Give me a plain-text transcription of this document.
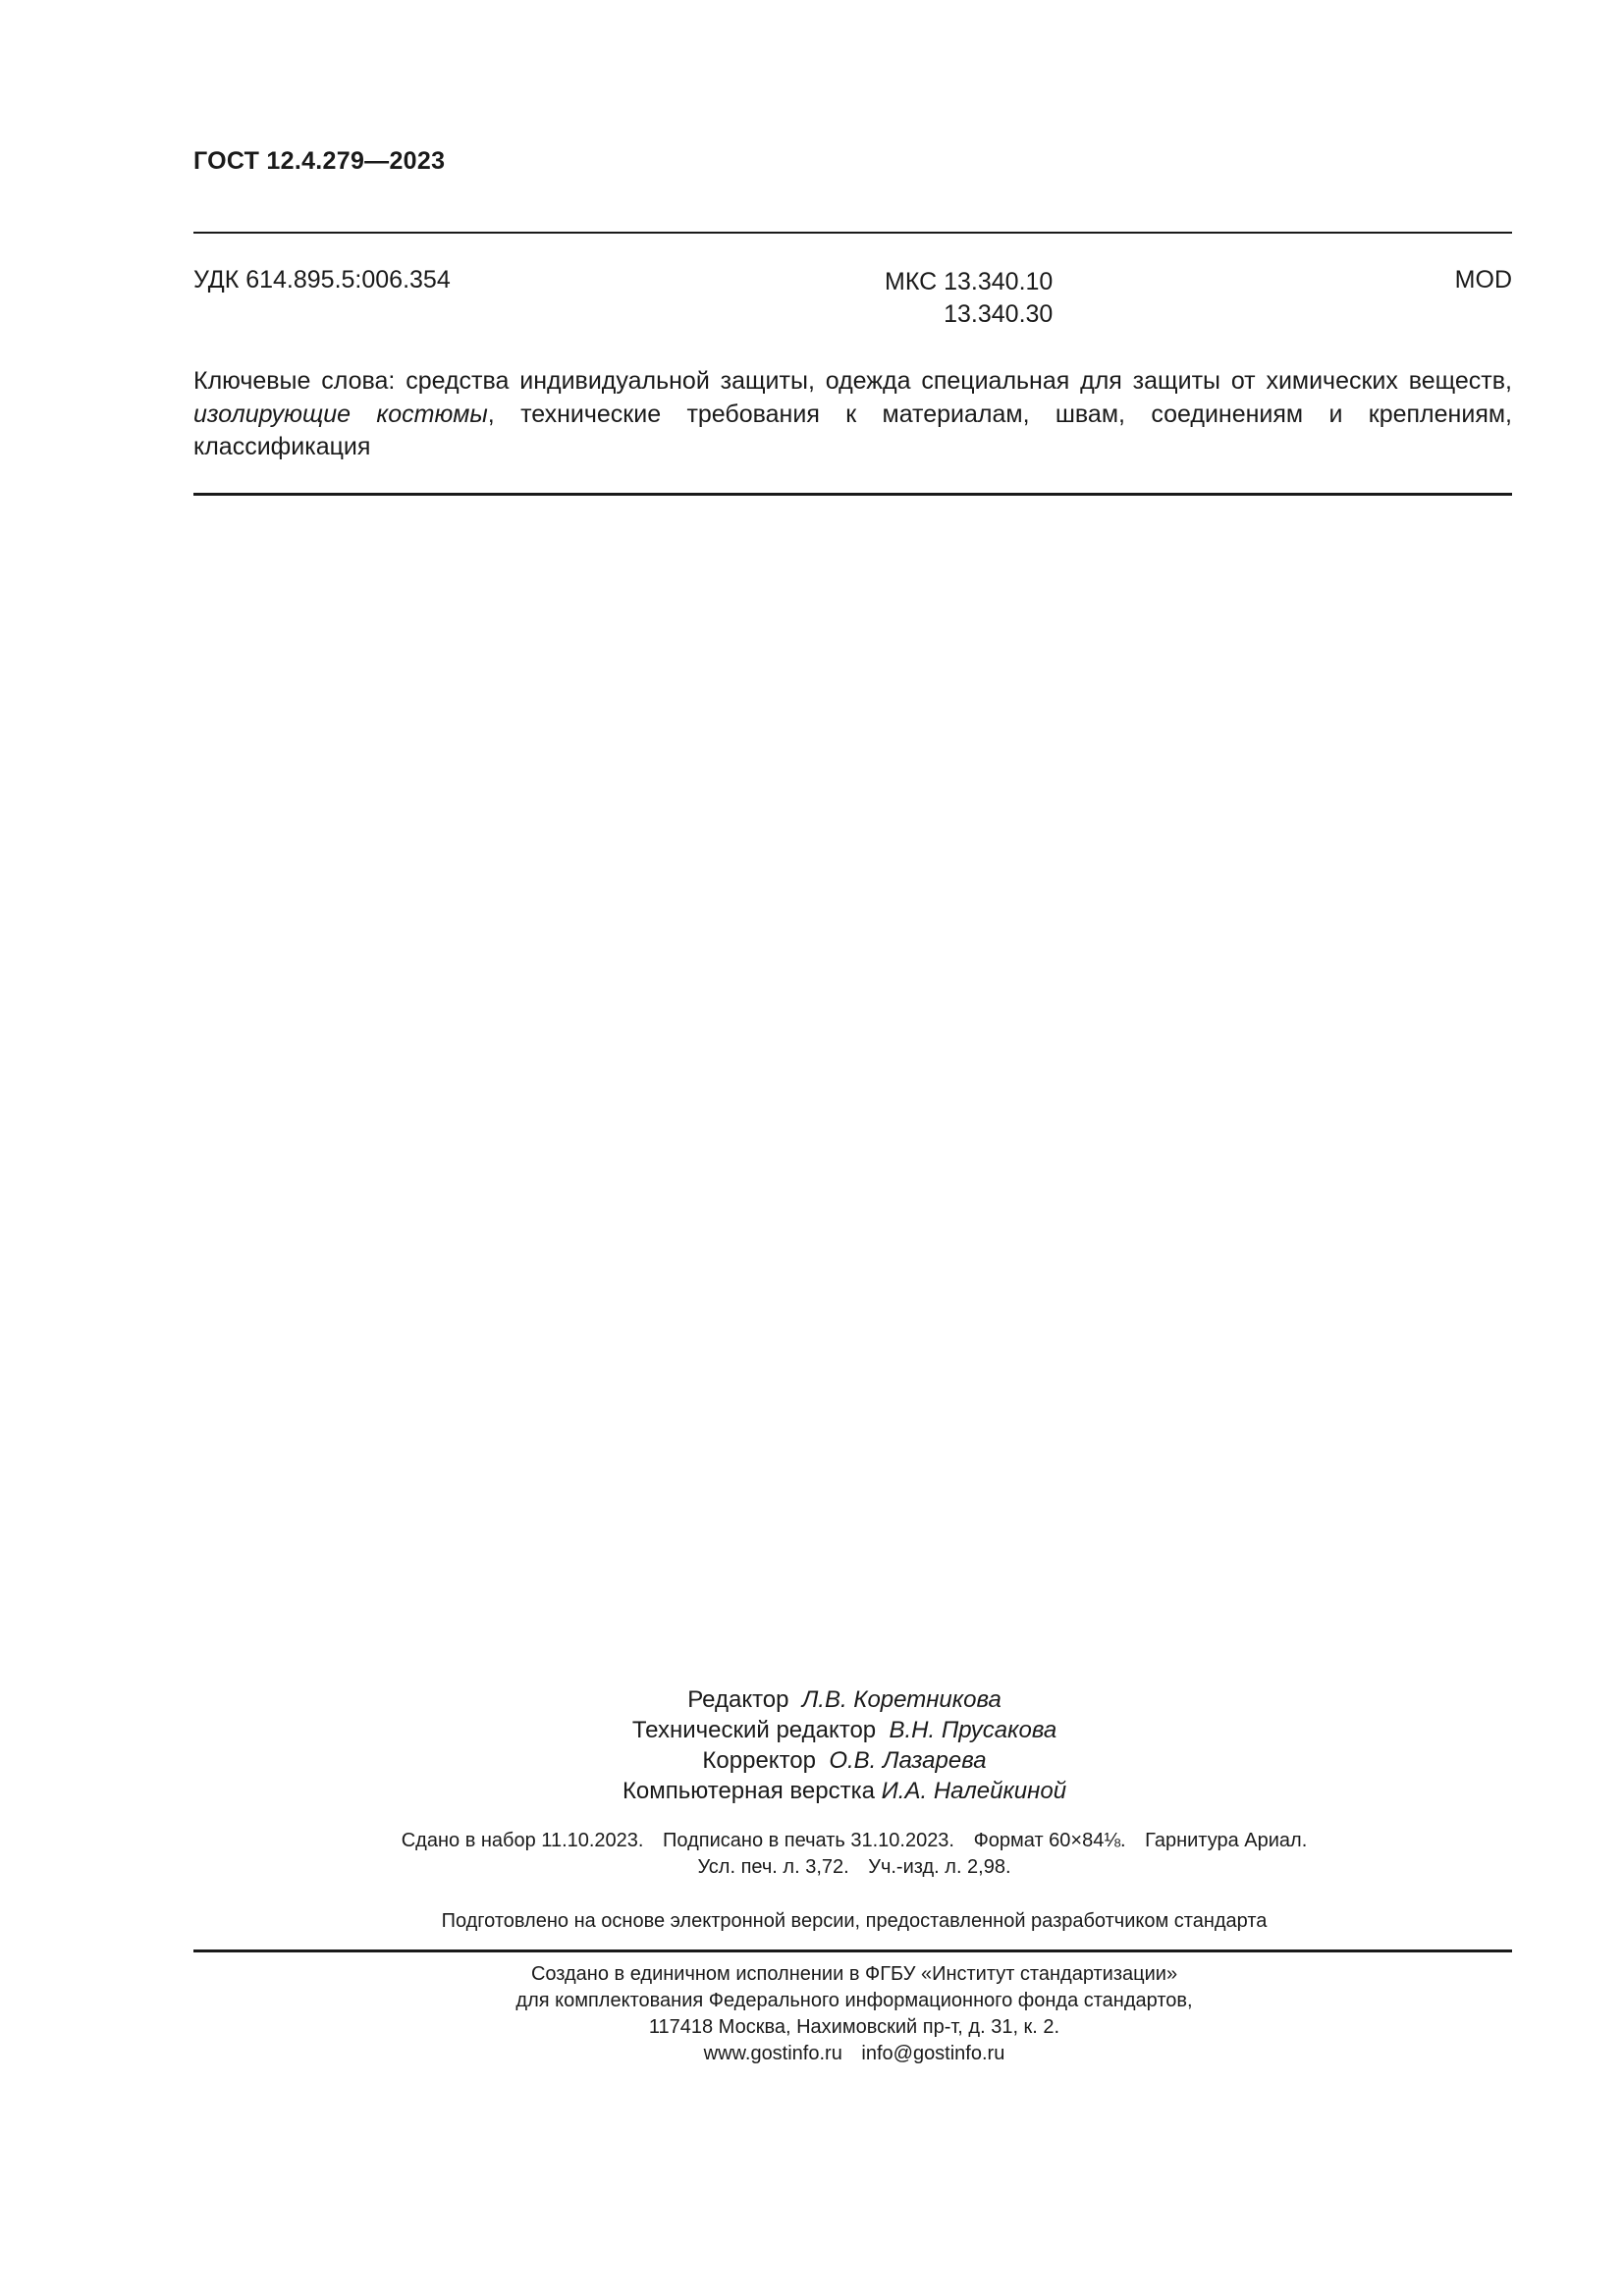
ГОСТ 12.4.279—2023
УДК 614.895.5:006.354	МКС 13.340.10
13.340.30
MOD
Ключевые слова: средства индивидуальной защиты, одежда специальная для защиты от химических веществ, изолирующие костюмы, технические требования к материалам, швам, соединениям и креплениям, классификация
Редактор Л.В. Коретникова
Технический редактор В.Н. Прусакова
Корректор О.В. Лазарева
Компьютерная верстка И.А. Налейкиной
Сдано в набор 11.10.2023. Подписано в печать 31.10.2023. Формат 60×84⅛. Гарнитура Ариал.
Усл. печ. л. 3,72. Уч.-изд. л. 2,98.
Подготовлено на основе электронной версии, предоставленной разработчиком стандарта
Создано в единичном исполнении в ФГБУ «Институт стандартизации»
для комплектования Федерального информационного фонда стандартов,
117418 Москва, Нахимовский пр-т, д. 31, к. 2.
www.gostinfo.ru info@gostinfo.ru
